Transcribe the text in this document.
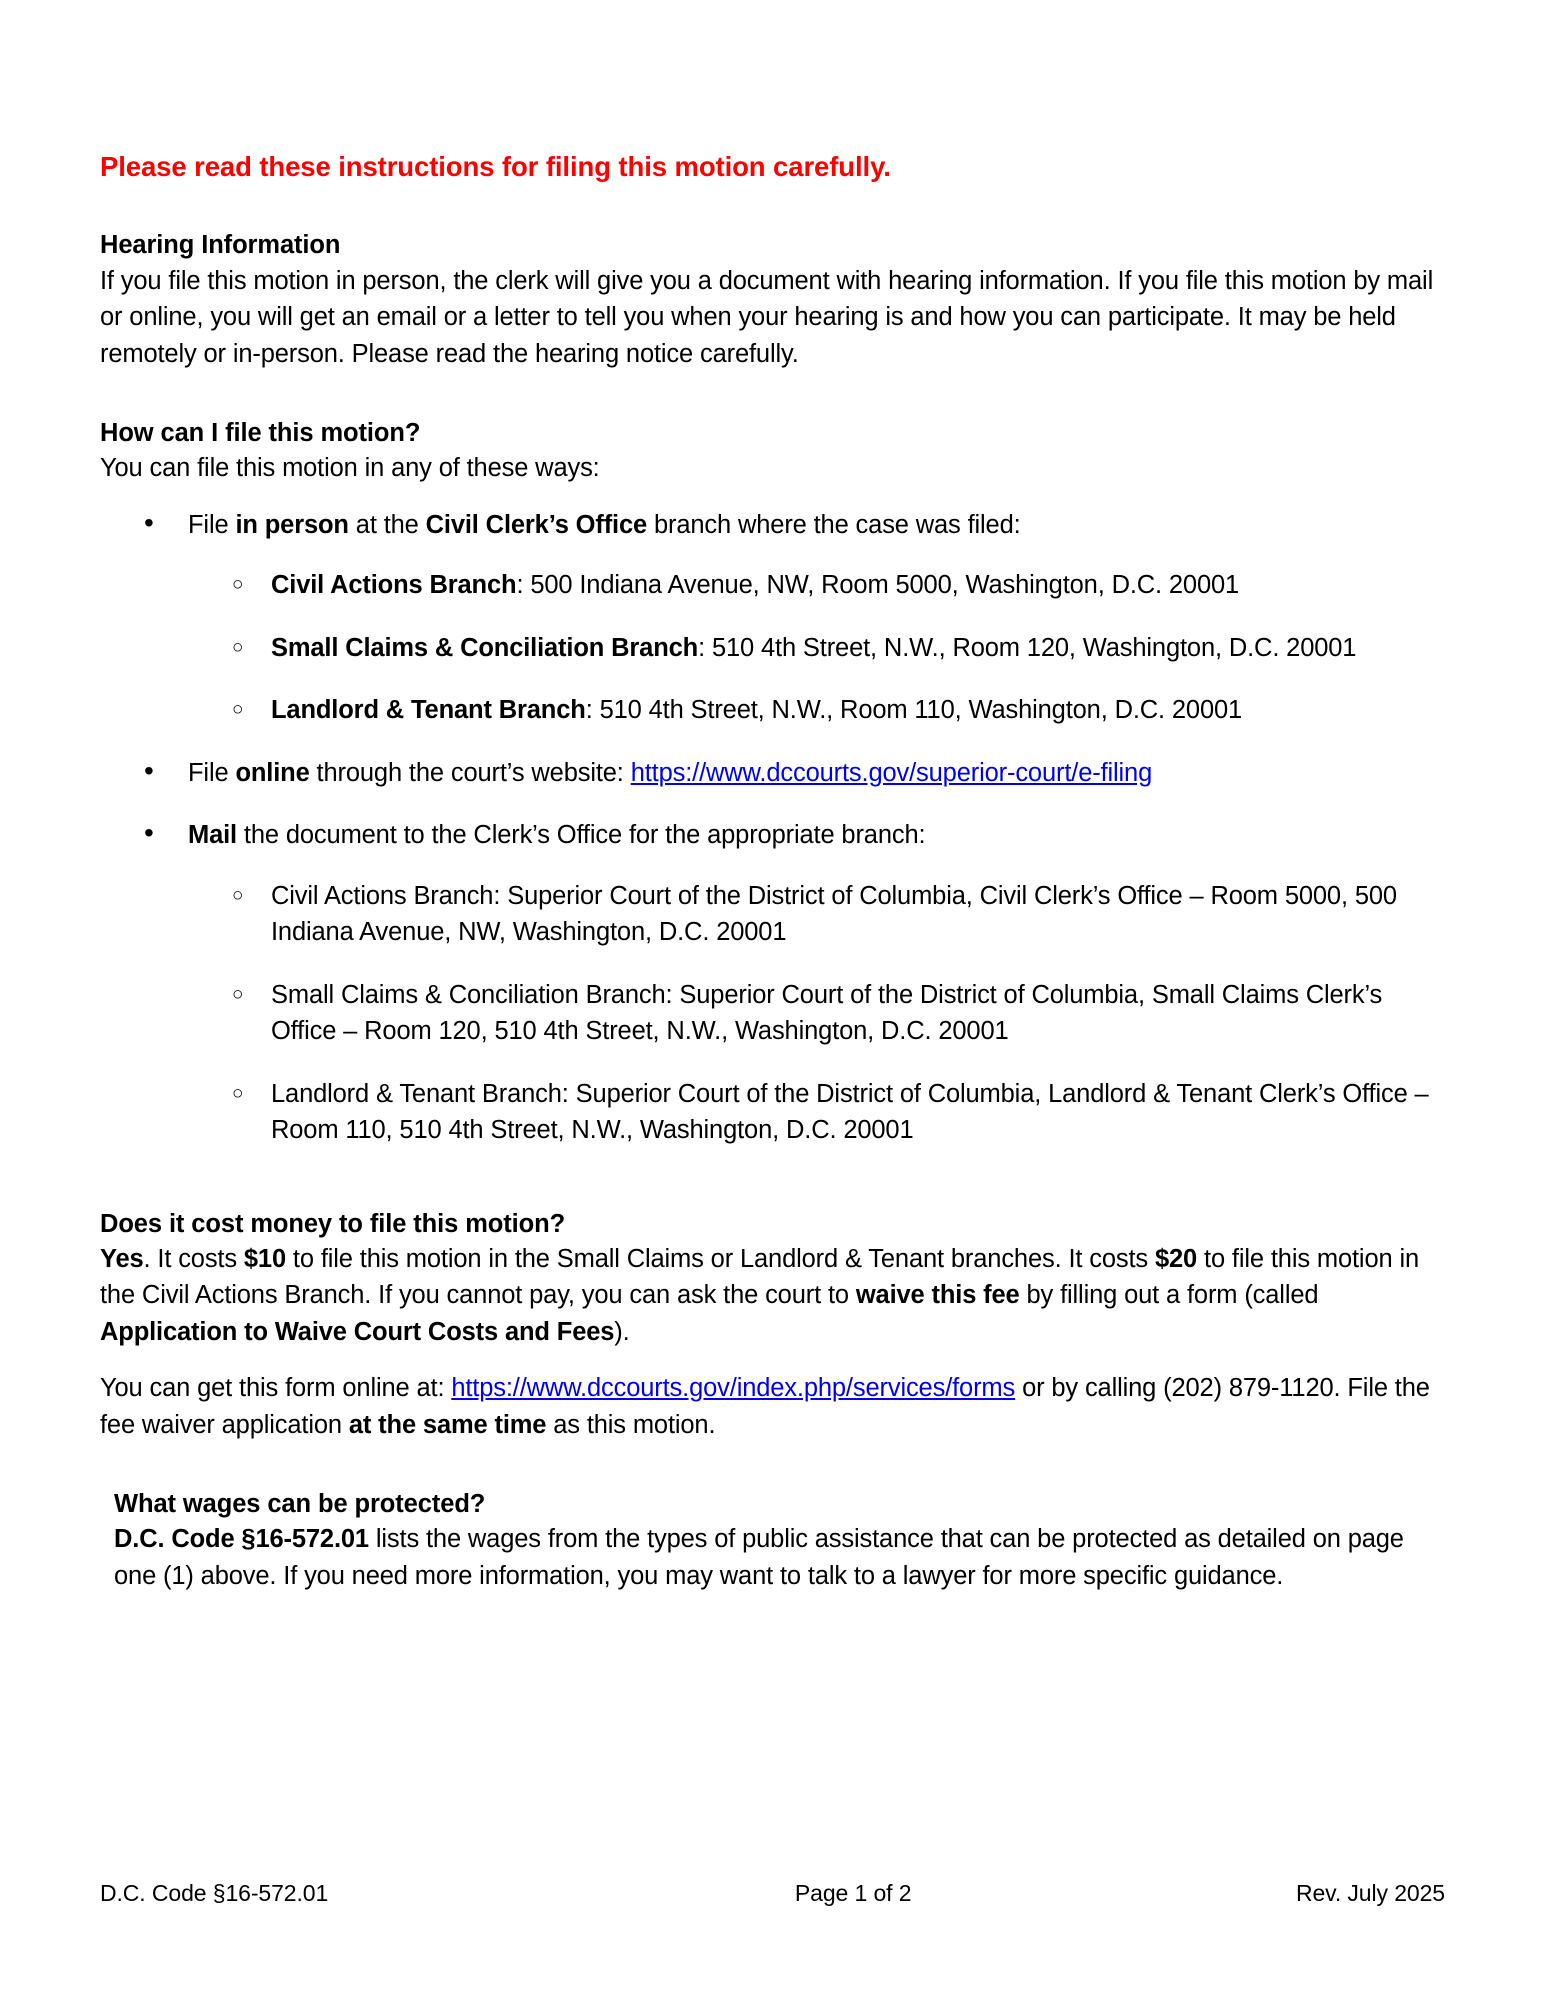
Please read these instructions for filing this motion carefully.
Hearing Information

If you file this motion in person, the clerk will give you a document with hearing information. If you file this motion by mail or online, you will get an email or a letter to tell you when your hearing is and how you can participate. It may be held remotely or in-person. Please read the hearing notice carefully.

How can I file this motion?

You can file this motion in any of these ways:

• File in person at the Civil Clerk’s Office branch where the case was filed:
○ Civil Actions Branch: 500 Indiana Avenue, NW, Room 5000, Washington, D.C. 20001
○ Small Claims & Conciliation Branch: 510 4th Street, N.W., Room 120, Washington, D.C. 20001
○ Landlord & Tenant Branch: 510 4th Street, N.W., Room 110, Washington, D.C. 20001
• File online through the court’s website: https://www.dccourts.gov/superior-court/e-filing
• Mail the document to the Clerk’s Office for the appropriate branch:
○ Civil Actions Branch: Superior Court of the District of Columbia, Civil Clerk’s Office – Room 5000, 500 Indiana Avenue, NW, Washington, D.C. 20001
○ Small Claims & Conciliation Branch: Superior Court of the District of Columbia, Small Claims Clerk’s Office – Room 120, 510 4th Street, N.W., Washington, D.C. 20001
○ Landlord & Tenant Branch: Superior Court of the District of Columbia, Landlord & Tenant Clerk’s Office – Room 110, 510 4th Street, N.W., Washington, D.C. 20001
Does it cost money to file this motion?

Yes. It costs $10 to file this motion in the Small Claims or Landlord & Tenant branches. It costs $20 to file this motion in the Civil Actions Branch. If you cannot pay, you can ask the court to waive this fee by filling out a form (called Application to Waive Court Costs and Fees).

You can get this form online at: https://www.dccourts.gov/index.php/services/forms or by calling (202) 879-1120. File the fee waiver application at the same time as this motion.

What wages can be protected?

D.C. Code §16-572.01 lists the wages from the types of public assistance that can be protected as detailed on page one (1) above. If you need more information, you may want to talk to a lawyer for more specific guidance.

D.C. Code §16-572.01	Page 1 of 2	Rev. July 2025
